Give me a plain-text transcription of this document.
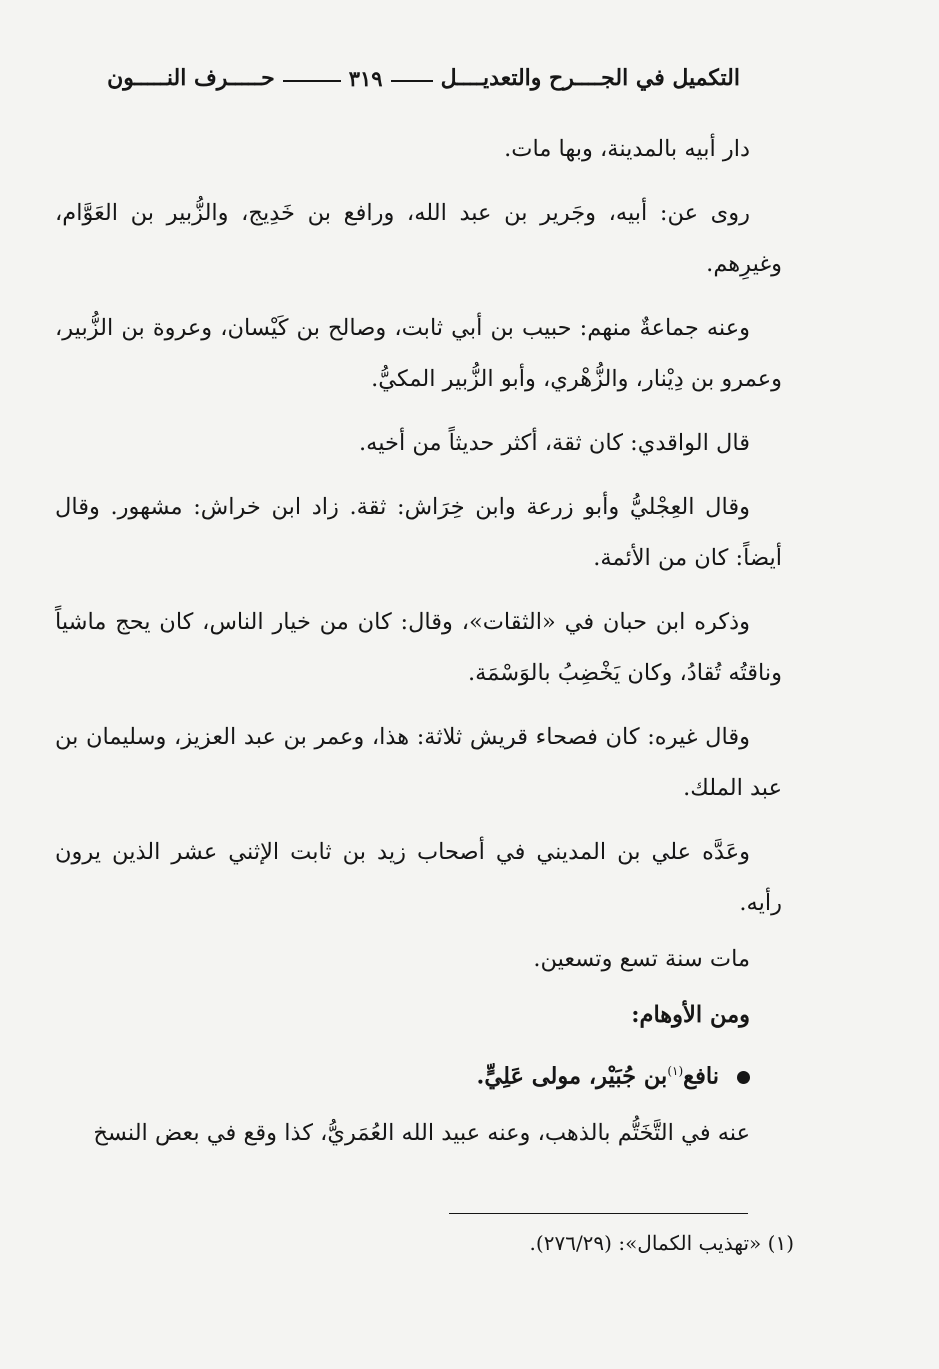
التكميل في الجــــرح والتعديــــل
٣١٩
حـــــرف النـــــون

دار أبيه بالمدينة، وبها مات.

روى عن: أبيه، وجَرير بن عبد الله، ورافع بن خَدِيج، والزُّبير بن العَوَّام، وغيرِهم.

وعنه جماعةٌ منهم: حبيب بن أبي ثابت، وصالح بن كَيْسان، وعروة بن الزُّبير، وعمرو بن دِيْنار، والزُّهْري، وأبو الزُّبير المكيُّ.

قال الواقدي: كان ثقة، أكثر حديثاً من أخيه.

وقال العِجْليُّ وأبو زرعة وابن خِرَاش: ثقة. زاد ابن خراش: مشهور. وقال أيضاً: كان من الأئمة.

وذكره ابن حبان في «الثقات»، وقال: كان من خيار الناس، كان يحج ماشياً وناقتُه تُقادُ، وكان يَخْضِبُ بالوَسْمَة.

وقال غيره: كان فصحاء قريش ثلاثة: هذا، وعمر بن عبد العزيز، وسليمان بن عبد الملك.

وعَدَّه علي بن المديني في أصحاب زيد بن ثابت الإثني عشر الذين يرون رأيه.

مات سنة تسع وتسعين.

ومن الأوهام:

نافع$^{(١)}$بن جُبَيْر، مولى عَلِيٍّ.

عنه في التَّخَتُّم بالذهب، وعنه عبيد الله العُمَريُّ، كذا وقع في بعض النسخ

(١) «تهذيب الكمال»: (٢٧٦/٢٩).
